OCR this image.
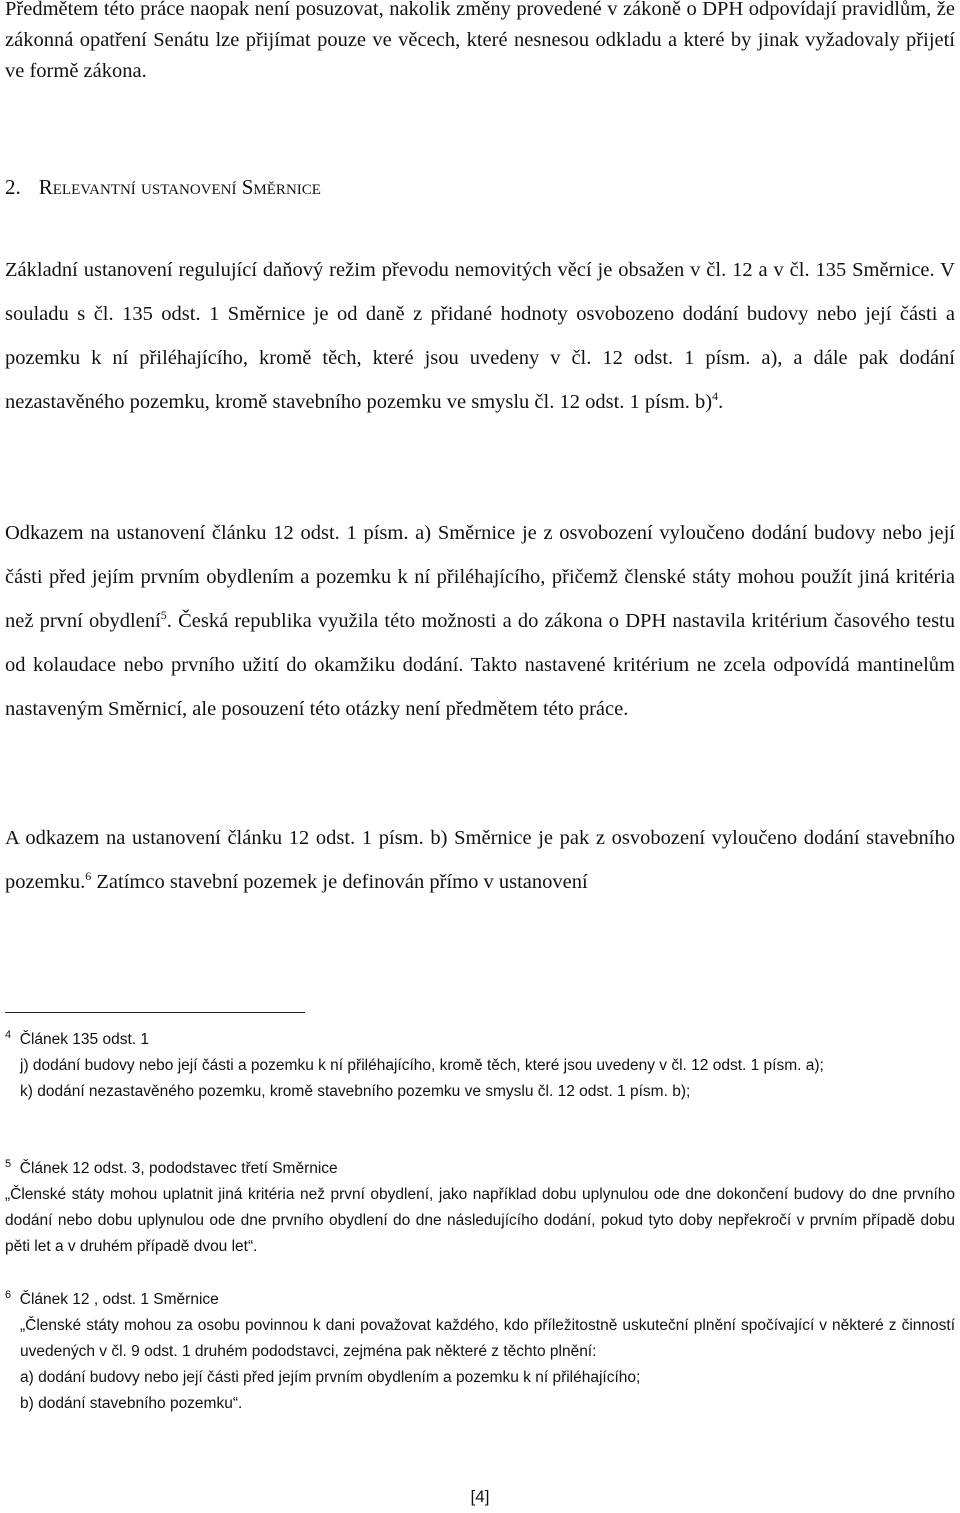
Předmětem této práce naopak není posuzovat, nakolik změny provedené v zákoně o DPH odpovídají pravidlům, že zákonná opatření Senátu lze přijímat pouze ve věcech, které nesnesou odkladu a které by jinak vyžadovaly přijetí ve formě zákona.

2. Relevantní ustanovení Směrnice

Základní ustanovení regulující daňový režim převodu nemovitých věcí je obsažen v čl. 12 a v čl. 135 Směrnice. V souladu s čl. 135 odst. 1 Směrnice je od daně z přidané hodnoty osvobozeno dodání budovy nebo její části a pozemku k ní přiléhajícího, kromě těch, které jsou uvedeny v čl. 12 odst. 1 písm. a), a dále pak dodání nezastavěného pozemku, kromě stavebního pozemku ve smyslu čl. 12 odst. 1 písm. b)$^4$.

Odkazem na ustanovení článku 12 odst. 1 písm. a) Směrnice je z osvobození vyloučeno dodání budovy nebo její části před jejím prvním obydlením a pozemku k ní přiléhajícího, přičemž členské státy mohou použít jiná kritéria než první obydlení$^5$. Česká republika využila této možnosti a do zákona o DPH nastavila kritérium časového testu od kolaudace nebo prvního užití do okamžiku dodání. Takto nastavené kritérium ne zcela odpovídá mantinelům nastaveným Směrnicí, ale posouzení této otázky není předmětem této práce.

A odkazem na ustanovení článku 12 odst. 1 písm. b) Směrnice je pak z osvobození vyloučeno dodání stavebního pozemku.$^6$ Zatímco stavební pozemek je definován přímo v ustanovení

$^4$ Článek 135 odst. 1
j) dodání budovy nebo její části a pozemku k ní přiléhajícího, kromě těch, které jsou uvedeny v čl. 12 odst. 1 písm. a);
k) dodání nezastavěného pozemku, kromě stavebního pozemku ve smyslu čl. 12 odst. 1 písm. b);
$^5$ Článek 12 odst. 3, pododstavec třetí Směrnice
„Členské státy mohou uplatnit jiná kritéria než první obydlení, jako například dobu uplynulou ode dne dokončení budovy do dne prvního dodání nebo dobu uplynulou ode dne prvního obydlení do dne následujícího dodání, pokud tyto doby nepřekročí v prvním případě dobu pěti let a v druhém případě dvou let“.
$^6$ Článek 12 , odst. 1 Směrnice
„Členské státy mohou za osobu povinnou k dani považovat každého, kdo příležitostně uskuteční plnění spočívající v některé z činností uvedených v čl. 9 odst. 1 druhém pododstavci, zejména pak některé z těchto plnění:
a) dodání budovy nebo její části před jejím prvním obydlením a pozemku k ní přiléhajícího;
b) dodání stavebního pozemku“.
[4]
